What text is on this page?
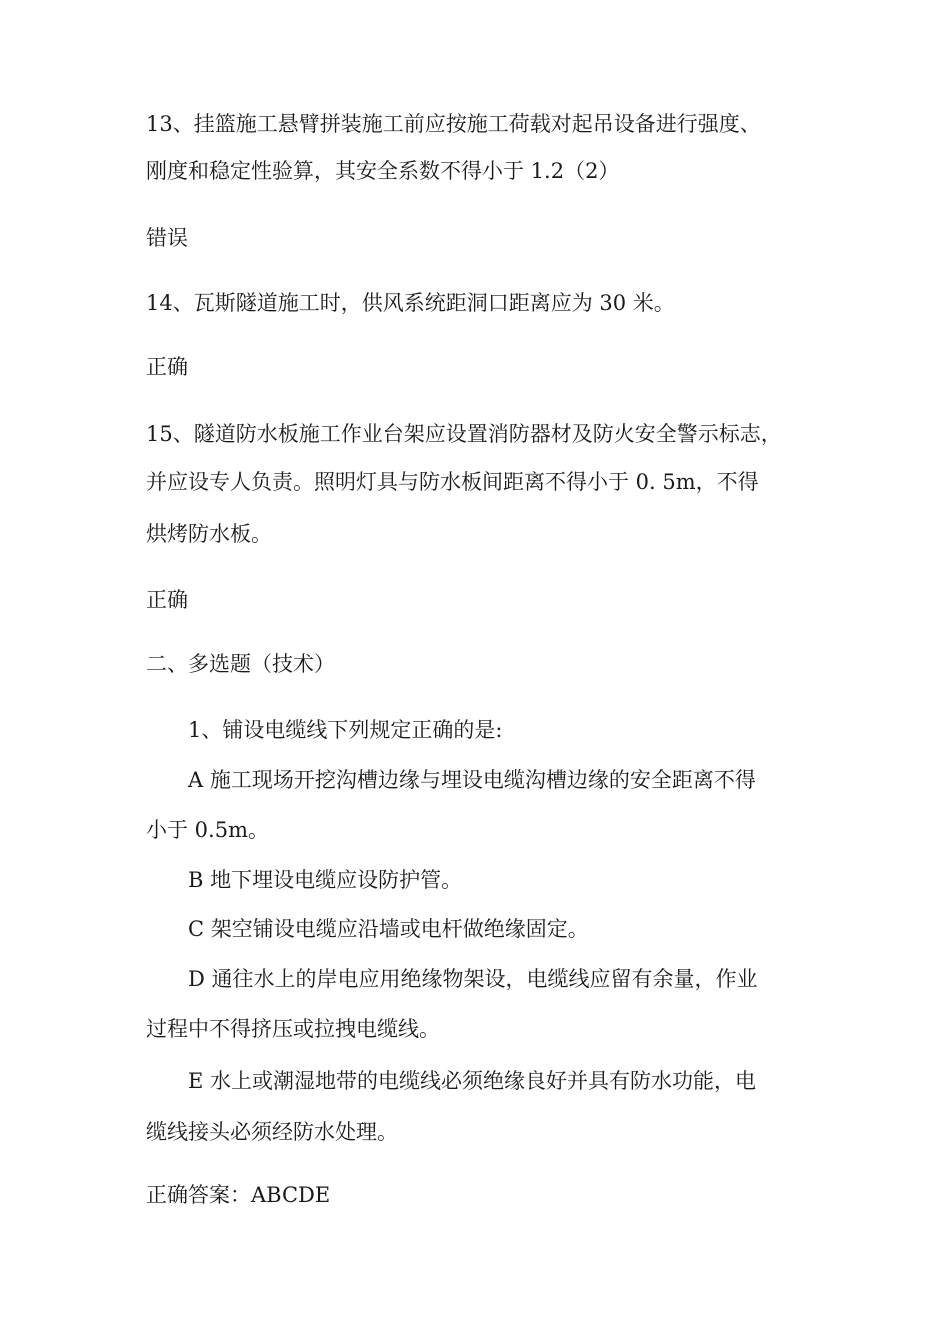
13、挂篮施工悬臂拼装施工前应按施工荷载对起吊设备进行强度、
刚度和稳定性验算，其安全系数不得小于 1.2（2）
错误
14、瓦斯隧道施工时，供风系统距洞口距离应为 30 米。
正确
15、隧道防水板施工作业台架应设置消防器材及防火安全警示标志，
并应设专人负责。照明灯具与防水板间距离不得小于 0. 5m，不得
烘烤防水板。
正确
二、多选题（技术）
1、铺设电缆线下列规定正确的是:
A 施工现场开挖沟槽边缘与埋设电缆沟槽边缘的安全距离不得
小于 0.5m。
B 地下埋设电缆应设防护管。
C 架空铺设电缆应沿墙或电杆做绝缘固定。
D 通往水上的岸电应用绝缘物架设，电缆线应留有余量，作业
过程中不得挤压或拉拽电缆线。
E 水上或潮湿地带的电缆线必须绝缘良好并具有防水功能，电
缆线接头必须经防水处理。
正确答案：ABCDE
